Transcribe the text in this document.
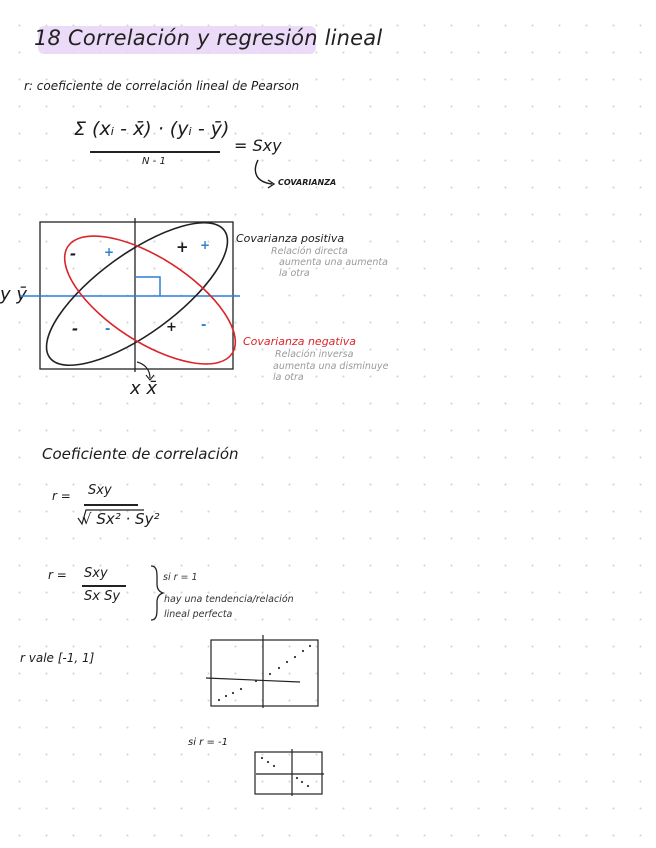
18 Correlación y regresión lineal
r: coeficiente de correlación lineal de Pearson
Σ (xᵢ - x̄) · (yᵢ - ȳ)
N - 1
= Sxy
COVARIANZA
y ȳ
x x̄
- +	+ +
- -	+ -
Covarianza positiva
Relación directa
aumenta una aumenta
la otra
Covarianza negativa
Relación inversa
aumenta una disminuye
la otra
Coeficiente de correlación
r = Sxy
√ Sx² · Sy²
r = Sxy
Sx Sy
si r = 1
hay una tendencia/relación
lineal perfecta
r vale [-1, 1]
si r = -1
